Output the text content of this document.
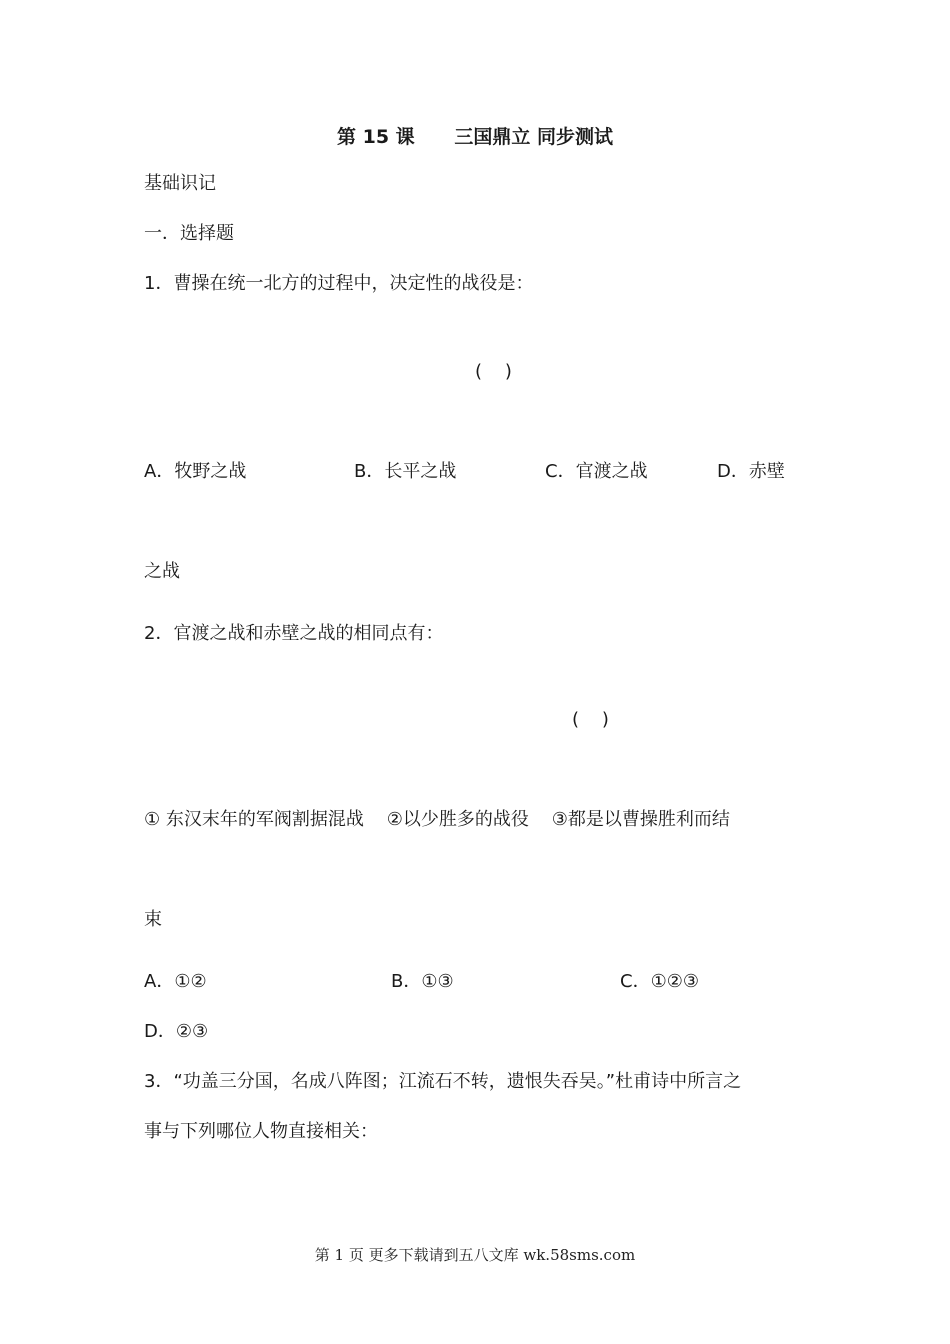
第 15 课      三国鼎立 同步测试
基础识记
一．选择题
1．曹操在统一北方的过程中，决定性的战役是：
(    )
A．牧野之战	B．长平之战	C．官渡之战	D．赤壁
之战
2．官渡之战和赤壁之战的相同点有：
(    )
① 东汉末年的军阀割据混战    ②以少胜多的战役    ③都是以曹操胜利而结
束
A．①②	B．①③	C．①②③
D．②③
3．“功盖三分国，名成八阵图；江流石不转，遗恨失吞吴。”杜甫诗中所言之
事与下列哪位人物直接相关：
第 1 页 更多下载请到五八文库 wk.58sms.com
